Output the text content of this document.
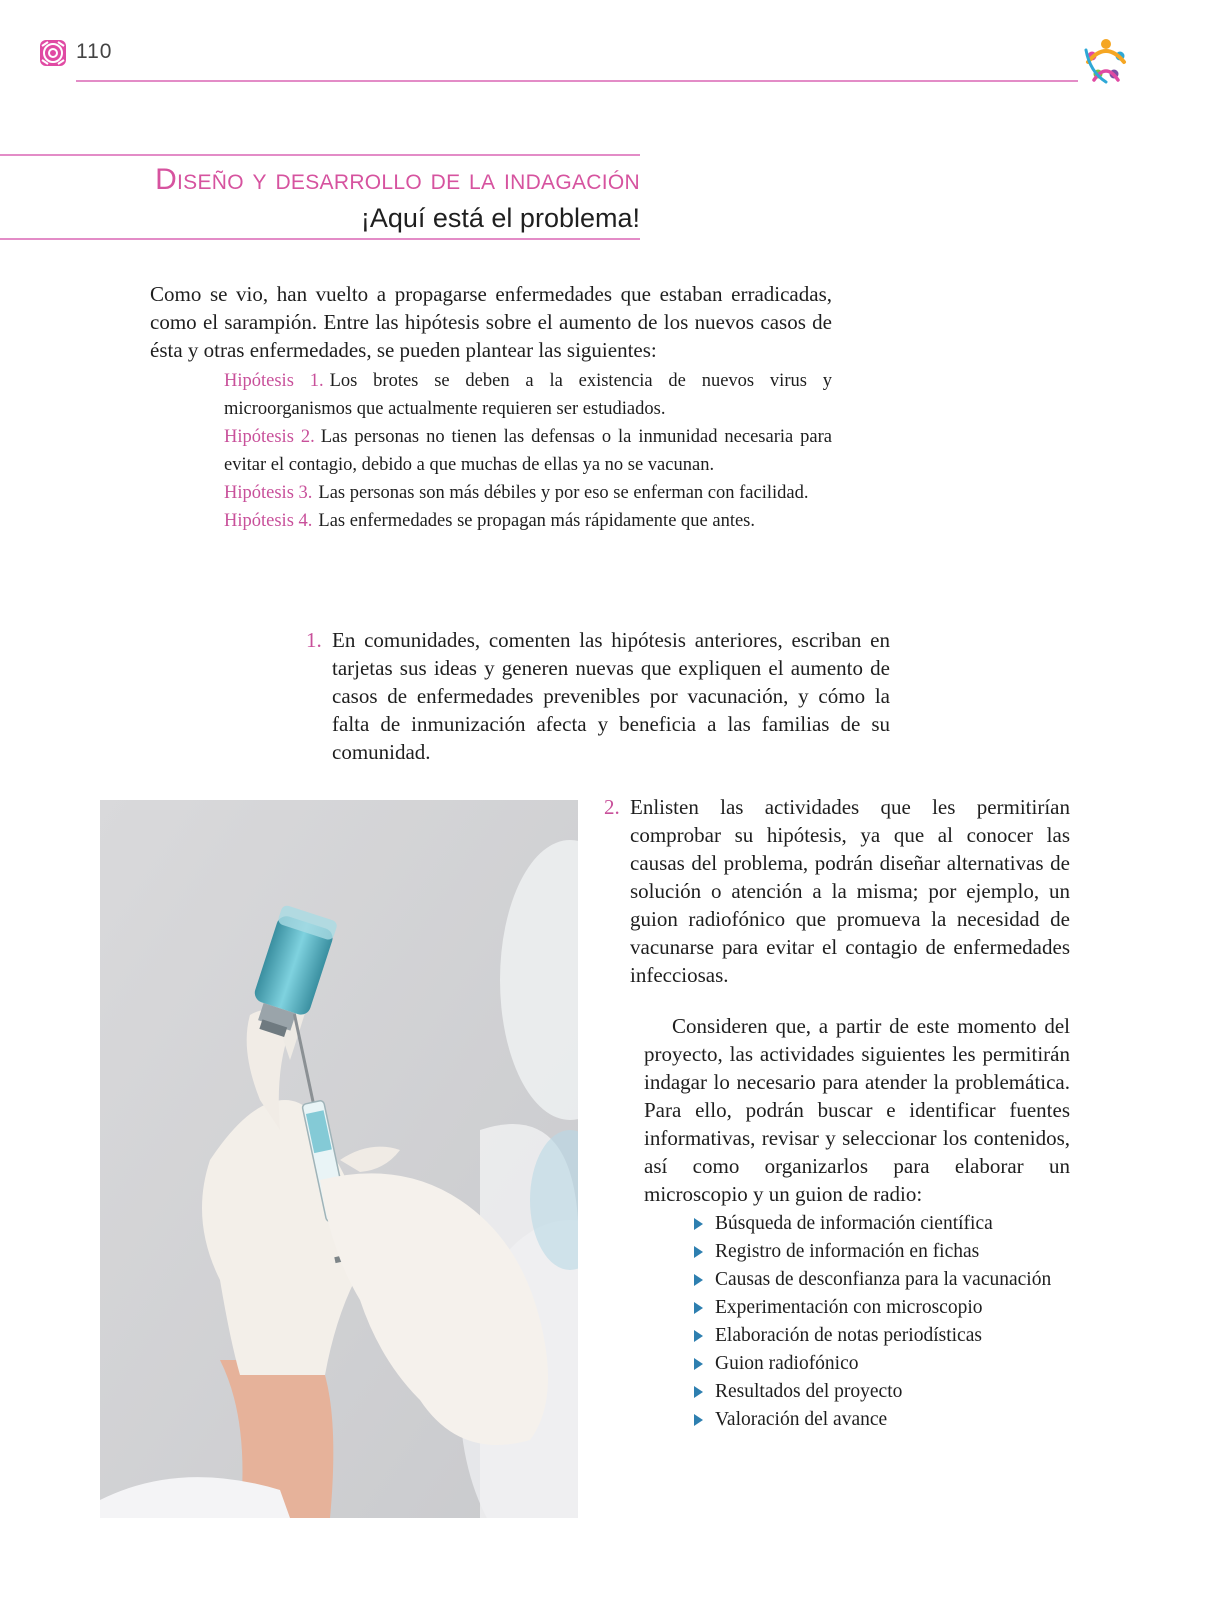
110
Diseño y desarrollo de la indagación
¡Aquí está el problema!

Como se vio, han vuelto a propagarse enfermedades que estaban erradicadas, como el sarampión. Entre las hipótesis sobre el aumento de los nuevos casos de ésta y otras enfermedades, se pueden plantear las siguientes:

Hipótesis 1. Los brotes se deben a la existencia de nuevos virus y microorganismos que actualmente requieren ser estudiados.
Hipótesis 2. Las personas no tienen las defensas o la inmunidad necesaria para evitar el contagio, debido a que muchas de ellas ya no se vacunan.
Hipótesis 3. Las personas son más débiles y por eso se enferman con facilidad.
Hipótesis 4. Las enfermedades se propagan más rápidamente que antes.
1. En comunidades, comenten las hipótesis anteriores, escriban en tarjetas sus ideas y generen nuevas que expliquen el aumento de casos de enfermedades prevenibles por vacunación, y cómo la falta de inmunización afecta y beneficia a las familias de su comunidad.
2. Enlisten las actividades que les permitirían comprobar su hipótesis, ya que al conocer las causas del problema, podrán diseñar alternativas de solución o atención a la misma; por ejemplo, un guion radiofónico que promueva la necesidad de vacunarse para evitar el contagio de enfermedades infecciosas.

Consideren que, a partir de este momento del proyecto, las actividades siguientes les permitirán indagar lo necesario para atender la problemática. Para ello, podrán buscar e identificar fuentes informativas, revisar y seleccionar los contenidos, así como organizarlos para elaborar un microscopio y un guion de radio:

Búsqueda de información científica
Registro de información en fichas
Causas de desconfianza para la vacunación
Experimentación con microscopio
Elaboración de notas periodísticas
Guion radiofónico
Resultados del proyecto
Valoración del avance
